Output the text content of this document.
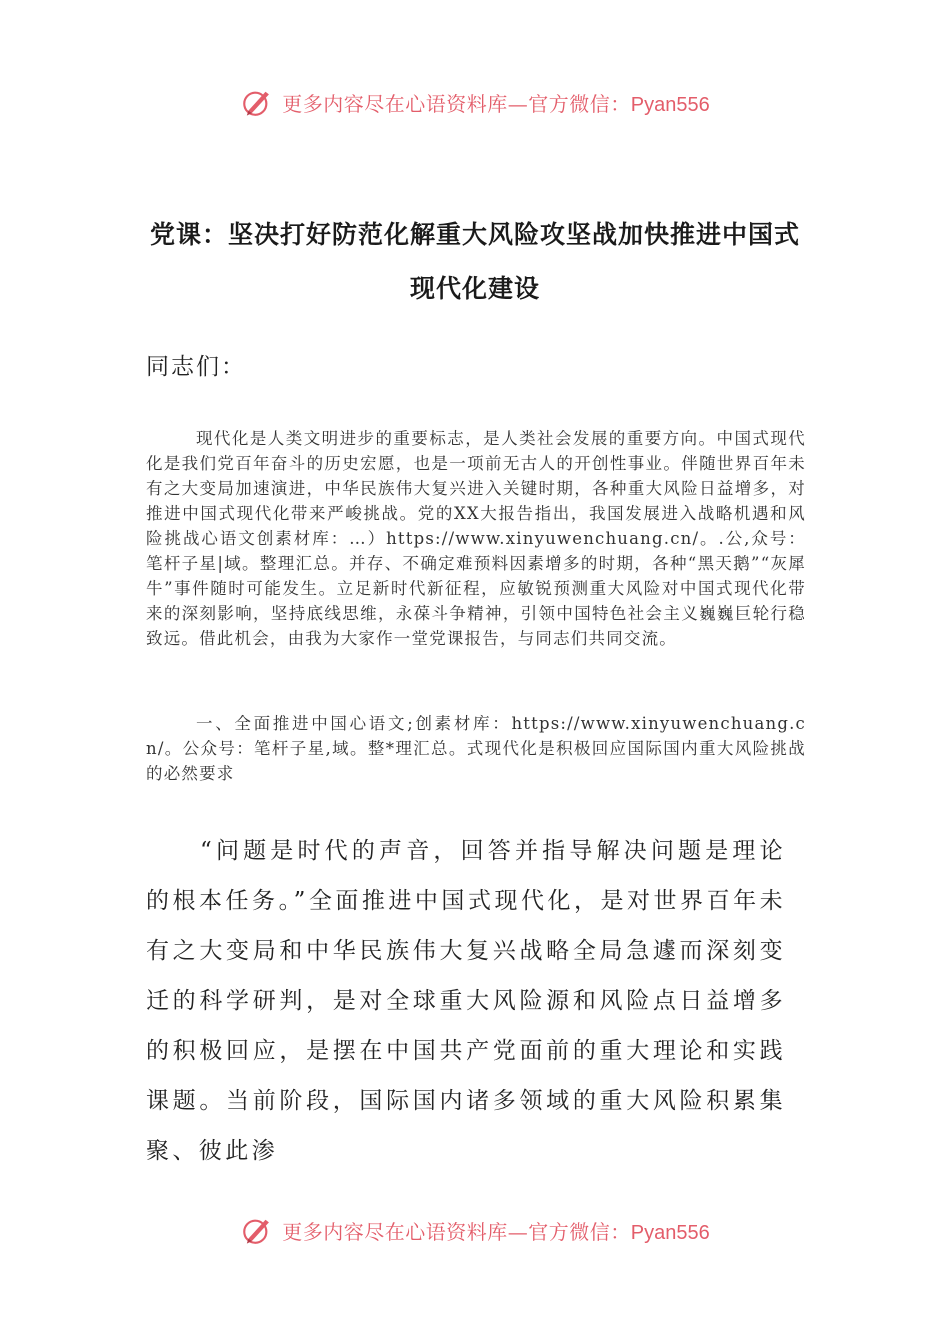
更多内容尽在心语资料库—官方微信：Pyan556
党课：坚决打好防范化解重大风险攻坚战加快推进中国式
现代化建设
同志们：
现代化是人类文明进步的重要标志，是人类社会发展的重要方向。中国式现代化是我们党百年奋斗的历史宏愿，也是一项前无古人的开创性事业。伴随世界百年未有之大变局加速演进，中华民族伟大复兴进入关键时期，各种重大风险日益增多，对推进中国式现代化带来严峻挑战。党的XX大报告指出，我国发展进入战略机遇和风险挑战心语文创素材库：…）https://www.xinyuwenchuang.cn/。.公,众号：笔杆子星|域。整理汇总。并存、不确定难预料因素增多的时期，各种“黑天鹅”“灰犀牛”事件随时可能发生。立足新时代新征程，应敏锐预测重大风险对中国式现代化带来的深刻影响，坚持底线思维，永葆斗争精神，引领中国特色社会主义巍巍巨轮行稳致远。借此机会，由我为大家作一堂党课报告，与同志们共同交流。
一、全面推进中国心语文;创素材库：https://www.xinyuwenchuang.cn/。公众号：笔杆子星,域。整*理汇总。式现代化是积极回应国际国内重大风险挑战的必然要求
“问题是时代的声音，回答并指导解决问题是理论的根本任务。”全面推进中国式现代化，是对世界百年未有之大变局和中华民族伟大复兴战略全局急遽而深刻变迁的科学研判，是对全球重大风险源和风险点日益增多的积极回应，是摆在中国共产党面前的重大理论和实践课题。当前阶段，国际国内诸多领域的重大风险积累集聚、彼此渗
更多内容尽在心语资料库—官方微信：Pyan556
